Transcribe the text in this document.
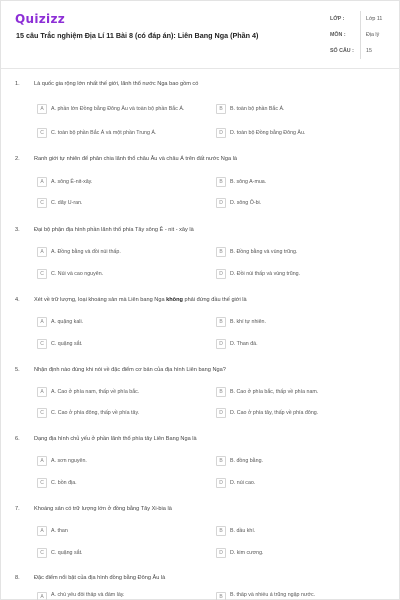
Quizizz
15 câu Trắc nghiệm Địa Lí 11 Bài 8 (có đáp án): Liên Bang Nga (Phần 4)
LỚP :	Lớp 11
MÔN :	Địa lý
SỐ CÂU :	15
1.	Là quốc gia rộng lớn nhất thế giới, lãnh thổ nước Nga bao gồm có
A	A. phần lớn Đồng bằng Đông Âu và toàn bộ phần Bắc Á.	B	B. toàn bộ phần Bắc Á.
C	C. toàn bộ phần Bắc Á và một phần Trung Á.	D	D. toàn bộ Đồng bằng Đông Âu.
2.	Ranh giới tự nhiên để phân chia lãnh thổ châu Âu và châu Á trên đất nước Nga là
A	A. sông Ê-nit-xây.	B	B. sông A-mua.
C	C. dãy U-ran.	D	D. sông Ô-bi.
3.	Đại bộ phận địa hình phần lãnh thổ phía Tây sông Ê - nit - xây là
A	A. Đồng bằng và đồi núi thấp.	B	B. Đồng bằng và vùng trũng.
C	C. Núi và cao nguyên.	D	D. Đồi núi thấp và vùng trũng.
4.	Xét về trữ lượng, loại khoáng sản mà Liên bang Nga không phải đứng đầu thế giới là
A	A. quặng kali.	B	B. khí tự nhiên.
C	C. quặng sắt.	D	D. Than đá.
5.	Nhận định nào đúng khi nói về đặc điểm cơ bản của địa hình Liên bang Nga?
A	A. Cao ở phía nam, thấp về phía bắc.	B	B. Cao ở phía bắc, thấp về phía nam.
C	C. Cao ở phía đông, thấp về phía tây.	D	D. Cao ở phía tây, thấp về phía đông.
6.	Dạng địa hình chủ yếu ở phần lãnh thổ phía tây Liên Bang Nga là
A	A. sơn nguyên.	B	B. đồng bằng.
C	C. bồn địa.	D	D. núi cao.
7.	Khoáng sản có trữ lượng lớn ở đồng bằng Tây Xi-bia là
A	A. than	B	B. dầu khí.
C	C. quặng sắt.	D	D. kim cương.
8.	Đặc điểm nổi bật của địa hình đồng bằng Đông Âu là
A	A. chủ yếu đồi thấp và đầm lầy.	B	B. thấp và nhiều á trũng ngập nước.
